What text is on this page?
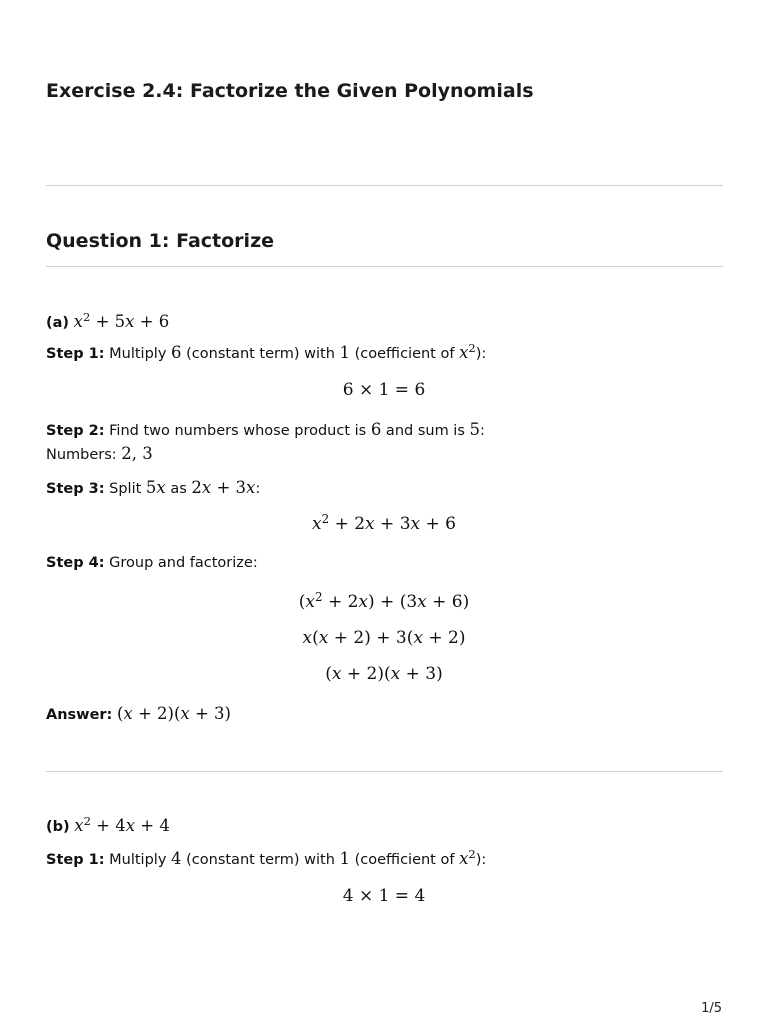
Exercise 2.4: Factorize the Given Polynomials
Question 1: Factorize
(a) $x^2 + 5x + 6$
Step 1: Multiply 6 (constant term) with 1 (coefficient of $x^2$):
6 × 1 = 6
Step 2: Find two numbers whose product is 6 and sum is 5:
Numbers: 2, 3
Step 3: Split 5x as 2x + 3x:
$x^2 + 2x + 3x + 6$
Step 4: Group and factorize:
$(x^2 + 2x) + (3x + 6)$
x(x + 2) + 3(x + 2)
(x + 2)(x + 3)
Answer: (x + 2)(x + 3)
(b) $x^2 + 4x + 4$
Step 1: Multiply 4 (constant term) with 1 (coefficient of $x^2$):
4 × 1 = 4
1/5
